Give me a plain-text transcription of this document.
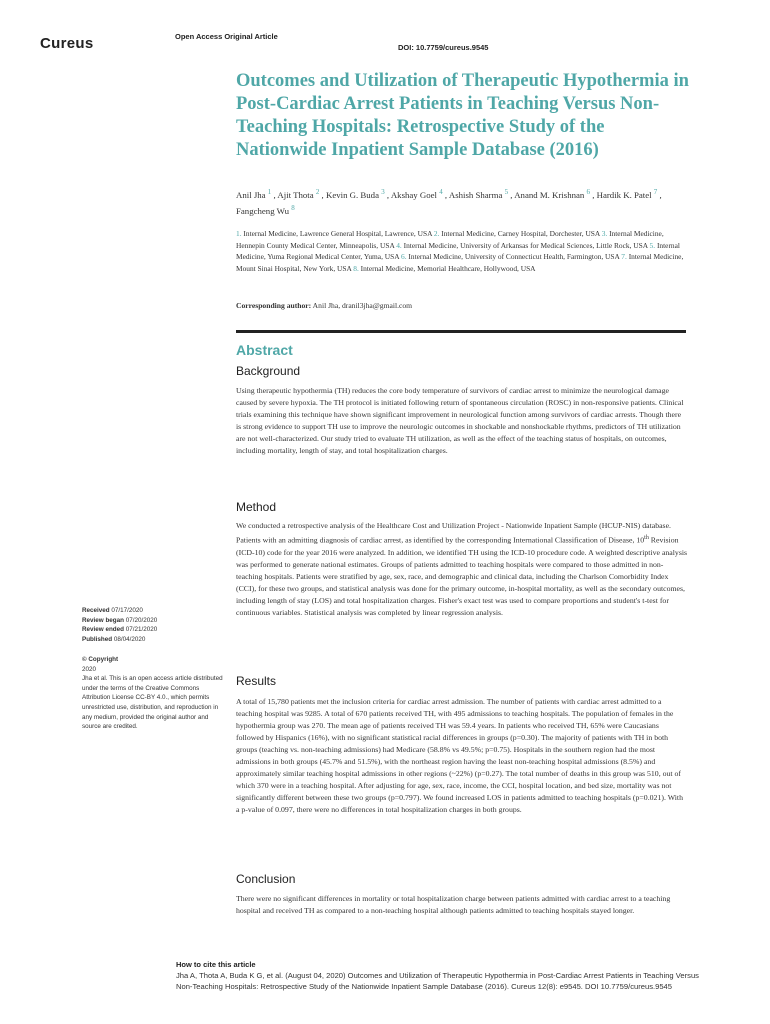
Cureus	Open Access Original Article
DOI: 10.7759/cureus.9545
Outcomes and Utilization of Therapeutic Hypothermia in Post-Cardiac Arrest Patients in Teaching Versus Non-Teaching Hospitals: Retrospective Study of the Nationwide Inpatient Sample Database (2016)

Anil Jha $^1$ , Ajit Thota $^2$ , Kevin G. Buda $^3$ , Akshay Goel $^4$ , Ashish Sharma $^5$ , Anand M. Krishnan $^6$ , Hardik K. Patel $^7$ , Fangcheng Wu $^8$

1. Internal Medicine, Lawrence General Hospital, Lawrence, USA 2. Internal Medicine, Carney Hospital, Dorchester, USA 3. Internal Medicine, Hennepin County Medical Center, Minneapolis, USA 4. Internal Medicine, University of Arkansas for Medical Sciences, Little Rock, USA 5. Internal Medicine, Yuma Regional Medical Center, Yuma, USA 6. Internal Medicine, University of Connecticut Health, Farmington, USA 7. Internal Medicine, Mount Sinai Hospital, New York, USA 8. Internal Medicine, Memorial Healthcare, Hollywood, USA

Corresponding author: Anil Jha, dranil3jha@gmail.com
Abstract
Background

Using therapeutic hypothermia (TH) reduces the core body temperature of survivors of cardiac arrest to minimize the neurological damage caused by severe hypoxia. The TH protocol is initiated following return of spontaneous circulation (ROSC) in non-responsive patients. Clinical trials examining this technique have shown significant improvement in neurological function among survivors of cardiac arrests. Though there is strong evidence to support TH use to improve the neurologic outcomes in shockable and nonshockable rhythms, predictors of TH utilization are not well-characterized. Our study tried to evaluate TH utilization, as well as the effect of the teaching status of hospitals, on outcomes, including mortality, length of stay, and total hospitalization charges.

Method

We conducted a retrospective analysis of the Healthcare Cost and Utilization Project - Nationwide Inpatient Sample (HCUP-NIS) database. Patients with an admitting diagnosis of cardiac arrest, as identified by the corresponding International Classification of Disease, 10th Revision (ICD-10) code for the year 2016 were analyzed. In addition, we identified TH using the ICD-10 procedure code. A weighted descriptive analysis was performed to generate national estimates. Groups of patients admitted to teaching hospitals were compared to those admitted in non-teaching hospitals. Patients were stratified by age, sex, race, and demographic and clinical data, including the Charlson Comorbidity Index (CCI), for these two groups, and statistical analysis was done for the primary outcome, in-hospital mortality, as well as the secondary outcomes, including length of stay (LOS) and total hospitalization charges. Fisher's exact test was used to compare proportions and student's t-test for continuous variables. Statistical analysis was completed by linear regression analysis.

Results

A total of 15,780 patients met the inclusion criteria for cardiac arrest admission. The number of patients with cardiac arrest admitted to a teaching hospital was 9285. A total of 670 patients received TH, with 495 admissions to teaching hospitals. The population of females in the hypothermia group was 270. The mean age of patients received TH was 59.4 years. In patients who received TH, 65% were Caucasians followed by Hispanics (16%), with no significant statistical racial differences in groups (p=0.30). The majority of patients with TH in both groups (teaching vs. non-teaching admissions) had Medicare (58.8% vs 49.5%; p=0.75). Hospitals in the southern region had the most admissions in both groups (45.7% and 51.5%), with the northeast region having the least non-teaching hospital admissions (8.5%) and approximately similar teaching hospital admissions in other regions (~22%) (p=0.27). The total number of deaths in this group was 510, out of which 370 were in a teaching hospital. After adjusting for age, sex, race, income, the CCI, hospital location, and bed size, mortality was not significantly different between these two groups (p=0.797). We found increased LOS in patients admitted to teaching hospitals (p=0.021). With a p-value of 0.097, there were no differences in total hospitalization charges in both groups.

Conclusion

There were no significant differences in mortality or total hospitalization charge between patients admitted with cardiac arrest to a teaching hospital and received TH as compared to a non-teaching hospital although patients admitted to teaching hospitals stayed longer.

Received 07/17/2020
Review began 07/20/2020
Review ended 07/21/2020
Published 08/04/2020
© Copyright
2020
Jha et al. This is an open access article distributed under the terms of the Creative Commons Attribution License CC-BY 4.0., which permits unrestricted use, distribution, and reproduction in any medium, provided the original author and source are credited.
How to cite this article

Jha A, Thota A, Buda K G, et al. (August 04, 2020) Outcomes and Utilization of Therapeutic Hypothermia in Post-Cardiac Arrest Patients in Teaching Versus Non-Teaching Hospitals: Retrospective Study of the Nationwide Inpatient Sample Database (2016). Cureus 12(8): e9545. DOI 10.7759/cureus.9545
